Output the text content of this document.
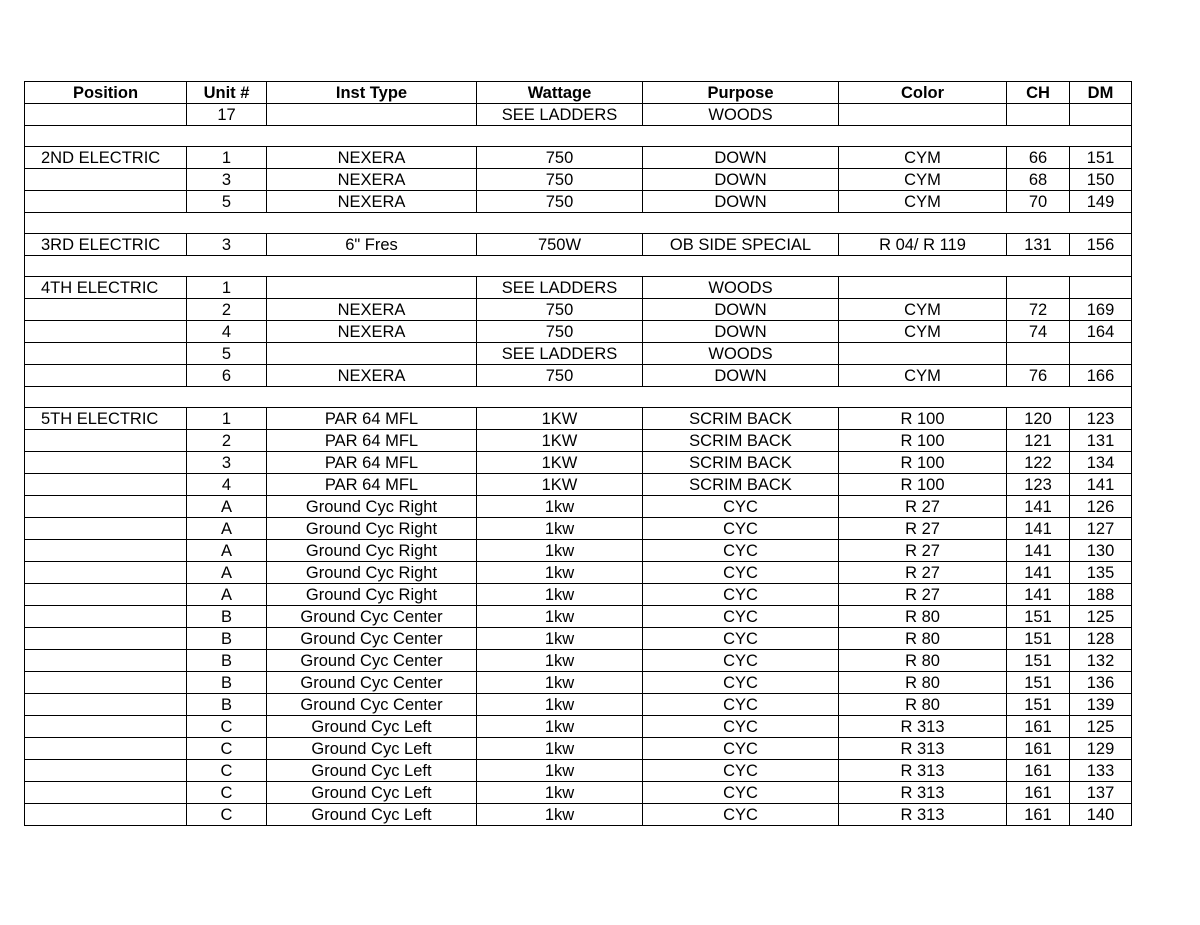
Position	Unit #	Inst Type	Wattage	Purpose	Color	CH	DM
	17		SEE LADDERS	WOODS			

2ND ELECTRIC	1	NEXERA	750	DOWN	CYM	66	151
	3	NEXERA	750	DOWN	CYM	68	150
	5	NEXERA	750	DOWN	CYM	70	149

3RD ELECTRIC	3	6" Fres	750W	OB SIDE SPECIAL	R 04/ R 119	131	156

4TH ELECTRIC	1		SEE LADDERS	WOODS			
	2	NEXERA	750	DOWN	CYM	72	169
	4	NEXERA	750	DOWN	CYM	74	164
	5		SEE LADDERS	WOODS			
	6	NEXERA	750	DOWN	CYM	76	166

5TH ELECTRIC	1	PAR 64 MFL	1KW	SCRIM BACK	R 100	120	123
	2	PAR 64 MFL	1KW	SCRIM BACK	R 100	121	131
	3	PAR 64 MFL	1KW	SCRIM BACK	R 100	122	134
	4	PAR 64 MFL	1KW	SCRIM BACK	R 100	123	141
	A	Ground Cyc Right	1kw	CYC	R 27	141	126
	A	Ground Cyc Right	1kw	CYC	R 27	141	127
	A	Ground Cyc Right	1kw	CYC	R 27	141	130
	A	Ground Cyc Right	1kw	CYC	R 27	141	135
	A	Ground Cyc Right	1kw	CYC	R 27	141	188
	B	Ground Cyc Center	1kw	CYC	R 80	151	125
	B	Ground Cyc Center	1kw	CYC	R 80	151	128
	B	Ground Cyc Center	1kw	CYC	R 80	151	132
	B	Ground Cyc Center	1kw	CYC	R 80	151	136
	B	Ground Cyc Center	1kw	CYC	R 80	151	139
	C	Ground Cyc Left	1kw	CYC	R 313	161	125
	C	Ground Cyc Left	1kw	CYC	R 313	161	129
	C	Ground Cyc Left	1kw	CYC	R 313	161	133
	C	Ground Cyc Left	1kw	CYC	R 313	161	137
	C	Ground Cyc Left	1kw	CYC	R 313	161	140
